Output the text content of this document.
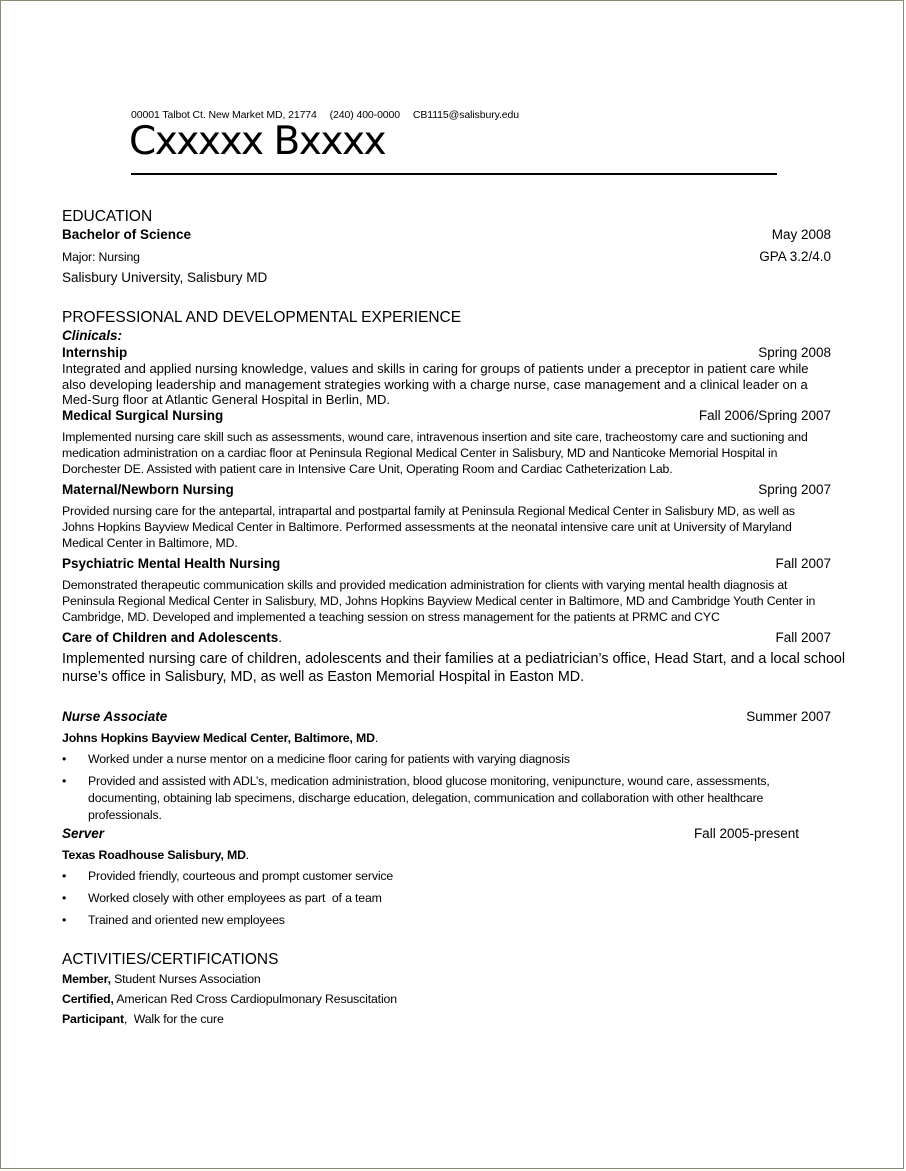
00001 Talbot Ct. New Market MD, 21774 (240) 400-0000 CB1115@salisbury.edu
Cxxxxx Bxxxx
EDUCATION
Bachelor of Science	May 2008
Major: Nursing	GPA 3.2/4.0
Salisbury University, Salisbury MD
PROFESSIONAL AND DEVELOPMENTAL EXPERIENCE
Clinicals:
Internship	Spring 2008
Integrated and applied nursing knowledge, values and skills in caring for groups of patients under a preceptor in patient care while
also developing leadership and management strategies working with a charge nurse, case management and a clinical leader on a
Med-Surg floor at Atlantic General Hospital in Berlin, MD.
Medical Surgical Nursing	Fall 2006/Spring 2007
Implemented nursing care skill such as assessments, wound care, intravenous insertion and site care, tracheostomy care and suctioning and
medication administration on a cardiac floor at Peninsula Regional Medical Center in Salisbury, MD and Nanticoke Memorial Hospital in
Dorchester DE. Assisted with patient care in Intensive Care Unit, Operating Room and Cardiac Catheterization Lab.
Maternal/Newborn Nursing	Spring 2007
Provided nursing care for the antepartal, intrapartal and postpartal family at Peninsula Regional Medical Center in Salisbury MD, as well as
Johns Hopkins Bayview Medical Center in Baltimore. Performed assessments at the neonatal intensive care unit at University of Maryland
Medical Center in Baltimore, MD.
Psychiatric Mental Health Nursing	Fall 2007
Demonstrated therapeutic communication skills and provided medication administration for clients with varying mental health diagnosis at
Peninsula Regional Medical Center in Salisbury, MD, Johns Hopkins Bayview Medical center in Baltimore, MD and Cambridge Youth Center in
Cambridge, MD. Developed and implemented a teaching session on stress management for the patients at PRMC and CYC
Care of Children and Adolescents.	Fall 2007
Implemented nursing care of children, adolescents and their families at a pediatrician’s office, Head Start, and a local school
nurse’s office in Salisbury, MD, as well as Easton Memorial Hospital in Easton MD.
Nurse Associate	Summer 2007
Johns Hopkins Bayview Medical Center, Baltimore, MD.
• Worked under a nurse mentor on a medicine floor caring for patients with varying diagnosis
• Provided and assisted with ADL’s, medication administration, blood glucose monitoring, venipuncture, wound care, assessments, documenting, obtaining lab specimens, discharge education, delegation, communication and collaboration with other healthcare professionals.
Server	Fall 2005-present
Texas Roadhouse Salisbury, MD.
• Provided friendly, courteous and prompt customer service
• Worked closely with other employees as part  of a team
• Trained and oriented new employees
ACTIVITIES/CERTIFICATIONS
Member, Student Nurses Association
Certified, American Red Cross Cardiopulmonary Resuscitation
Participant,  Walk for the cure
